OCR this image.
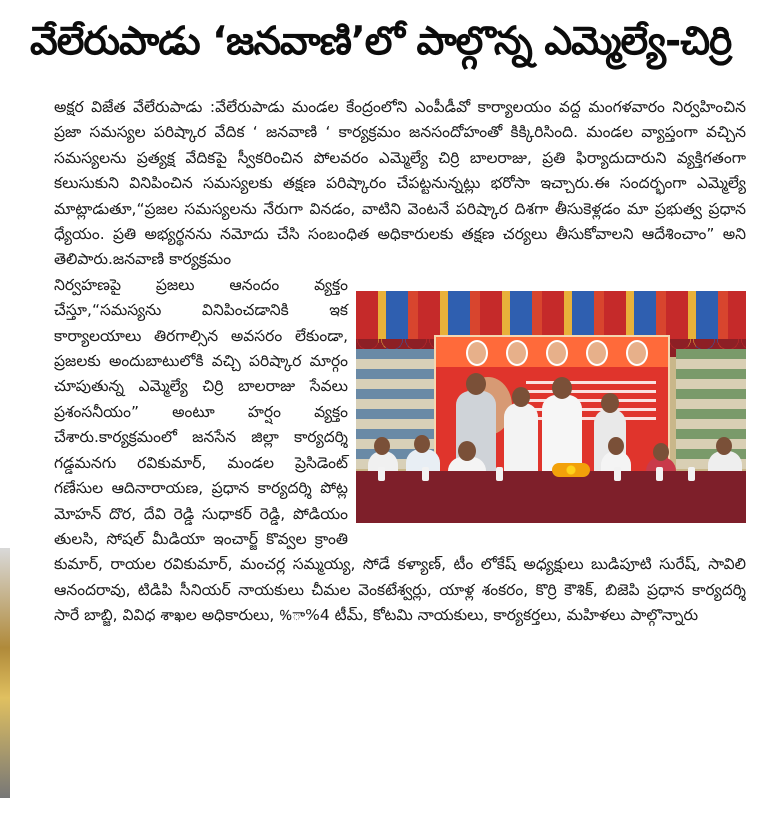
వేలేరుపాడు ‘జనవాణి’లో పాల్గొన్న ఎమ్మెల్యే-చిర్రి
అక్షర విజేత వేలేరుపాడు :వేలేరుపాడు మండల కేంద్రంలోని ఎంపీడీవో కార్యాలయం వద్ద మంగళవారం నిర్వహించిన ప్రజా సమస్యల పరిష్కార వేదిక ‘ జనవాణి ‘ కార్యక్రమం జనసందోహంతో కిక్కిరిసింది. మండల వ్యాప్తంగా వచ్చిన సమస్యలను ప్రత్యక్ష వేదికపై స్వీకరించిన పోలవరం ఎమ్మెల్యే చిర్రి బాలరాజు, ప్రతి ఫిర్యాదుదారుని వ్యక్తిగతంగా కలుసుకుని వినిపించిన సమస్యలకు తక్షణ పరిష్కారం చేపట్టనున్నట్లు భరోసా ఇచ్చారు.ఈ సందర్భంగా ఎమ్మెల్యే మాట్లాడుతూ,“ప్రజల సమస్యలను నేరుగా వినడం, వాటిని వెంటనే పరిష్కార దిశగా తీసుకెళ్లడం మా ప్రభుత్వ ప్రధాన ధ్యేయం. ప్రతి అభ్యర్థనను నమోదు చేసి సంబంధిత అధికారులకు తక్షణ చర్యలు తీసుకోవాలని ఆదేశించాం” అని తెలిపారు.జనవాణి కార్యక్రమం
నిర్వహణపై ప్రజలు ఆనందం వ్యక్తం చేస్తూ,“సమస్యను వినిపించడానికి ఇక కార్యాలయాలు తిరగాల్సిన అవసరం లేకుండా, ప్రజలకు అందుబాటులోకి వచ్చి పరిష్కార మార్గం చూపుతున్న ఎమ్మెల్యే చిర్రి బాలరాజు సేవలు ప్రశంసనీయం” అంటూ హర్షం వ్యక్తం చేశారు.కార్యక్రమంలో జనసేన జిల్లా కార్యదర్శి గడ్డమనగు రవికుమార్, మండల ప్రెసిడెంట్ గణేసుల ఆదినారాయణ, ప్రధాన కార్యదర్శి పోట్ల మోహన్ దొర, దేవి రెడ్డి సుధాకర్ రెడ్డి, పోడియం తులసి, సోషల్ మీడియా ఇంచార్జ్ కొవ్వల క్రాంతి కుమార్, రాయల రవికుమార్, మంచర్ల సమ్మయ్య, సోడే కళ్యాణ్, టీం లోకేష్ అధ్యక్షులు బుడిపూటి సురేష్, సావిలి ఆనందరావు, టిడిపి సీనియర్ నాయకులు చీమల వెంకటేశ్వర్లు, యాళ్ల శంకరం, కొర్రి కౌశిక్, బిజెపి ప్రధాన కార్యదర్శి సారే బాబ్జి, వివిధ శాఖల అధికారులు, %ా%4 టీమ్, కోటమి నాయకులు, కార్యకర్తలు, మహిళలు పాల్గొన్నారు
